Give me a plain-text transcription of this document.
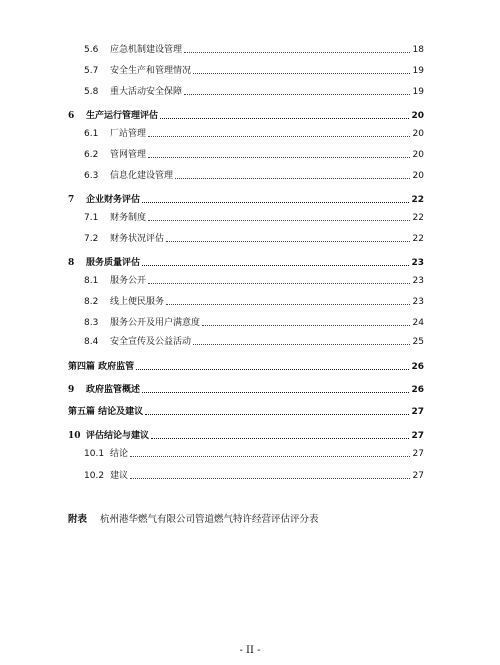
5.6	应急机制建设管理	18
5.7	安全生产和管理情况	19
5.8	重大活动安全保障	19
6	生产运行管理评估	20
6.1	厂站管理	20
6.2	管网管理	20
6.3	信息化建设管理	20
7	企业财务评估	22
7.1	财务制度	22
7.2	财务状况评估	22
8	服务质量评估	23
8.1	服务公开	23
8.2	线上便民服务	23
8.3	服务公开及用户满意度	24
8.4	安全宣传及公益活动	25
第四篇 政府监管	26
9	政府监管概述	26
第五篇 结论及建议	27
10 评估结论与建议	27
10.1 结论	27
10.2 建议	27
附表 杭州港华燃气有限公司管道燃气特许经营评估评分表
- II -
